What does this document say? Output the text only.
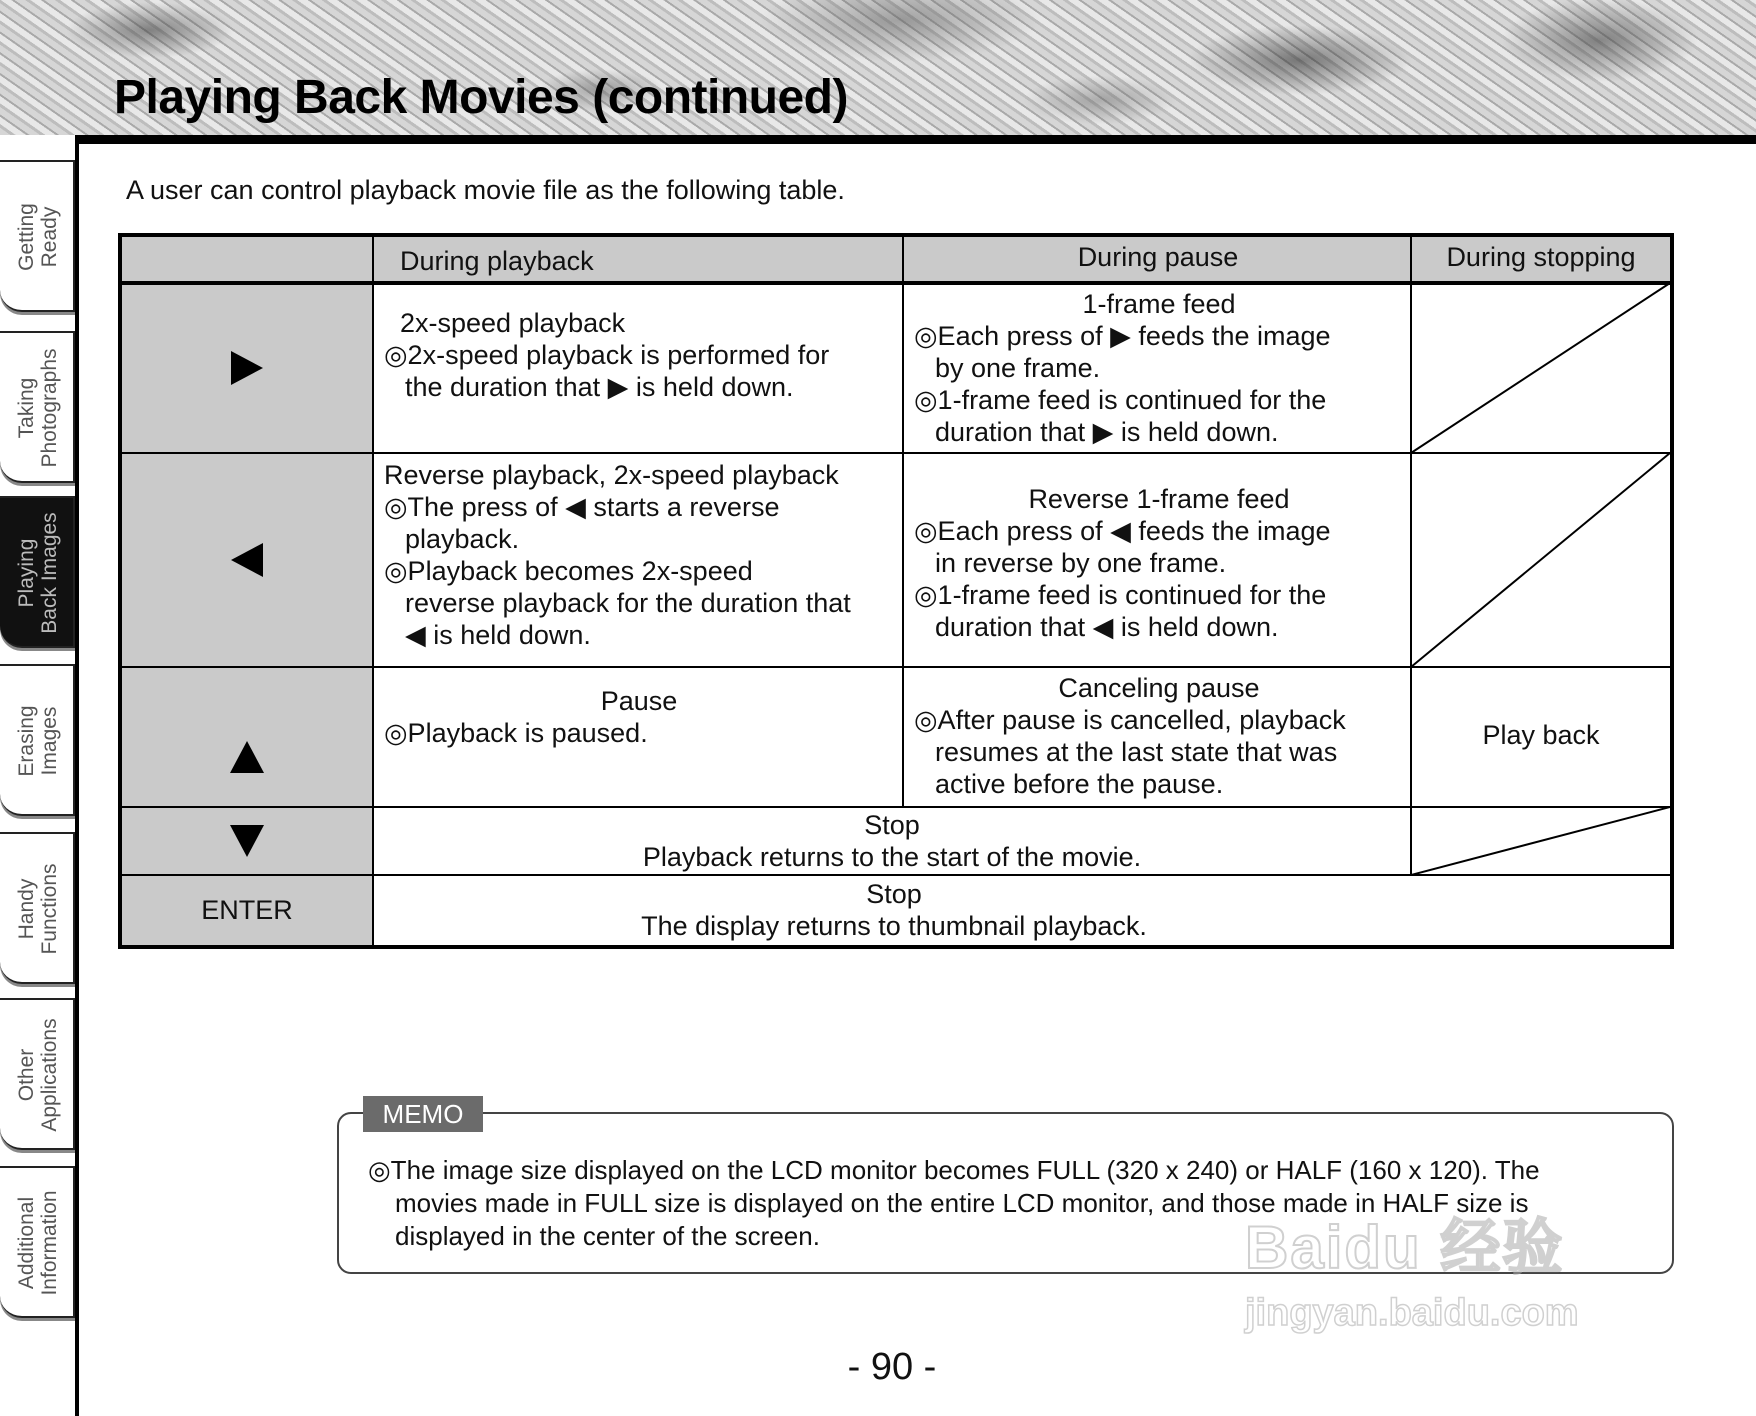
Playing Back Movies (continued)
Getting Ready
Taking Photographs
Playing Back Images
Erasing Images
Handy Functions
Other Applications
Additional Information
A user can control playback movie file as the following table.
ENTER
During playback	During pause	During stopping
2x-speed playback
◎2x-speed playback is performed for
the duration that ▶ is held down.
1-frame feed
◎Each press of ▶ feeds the image
by one frame.
◎1-frame feed is continued for the
duration that ▶ is held down.
Reverse playback, 2x-speed playback
◎The press of ◀ starts a reverse
playback.
◎Playback becomes 2x-speed
reverse playback for the duration that
◀ is held down.
Reverse 1-frame feed
◎Each press of ◀ feeds the image
in reverse by one frame.
◎1-frame feed is continued for the
duration that ◀ is held down.
Pause
◎Playback is paused.
Canceling pause
◎After pause is cancelled, playback
resumes at the last state that was
active before the pause.
Play back
Stop
Playback returns to the start of the movie.
Stop
The display returns to thumbnail playback.
MEMO
◎The image size displayed on the LCD monitor becomes FULL (320 x 240) or HALF (160 x 120). The
movies made in FULL size is displayed on the entire LCD monitor, and those made in HALF size is
displayed in the center of the screen.
- 90 -
Baidu 经验
jingyan.baidu.com
